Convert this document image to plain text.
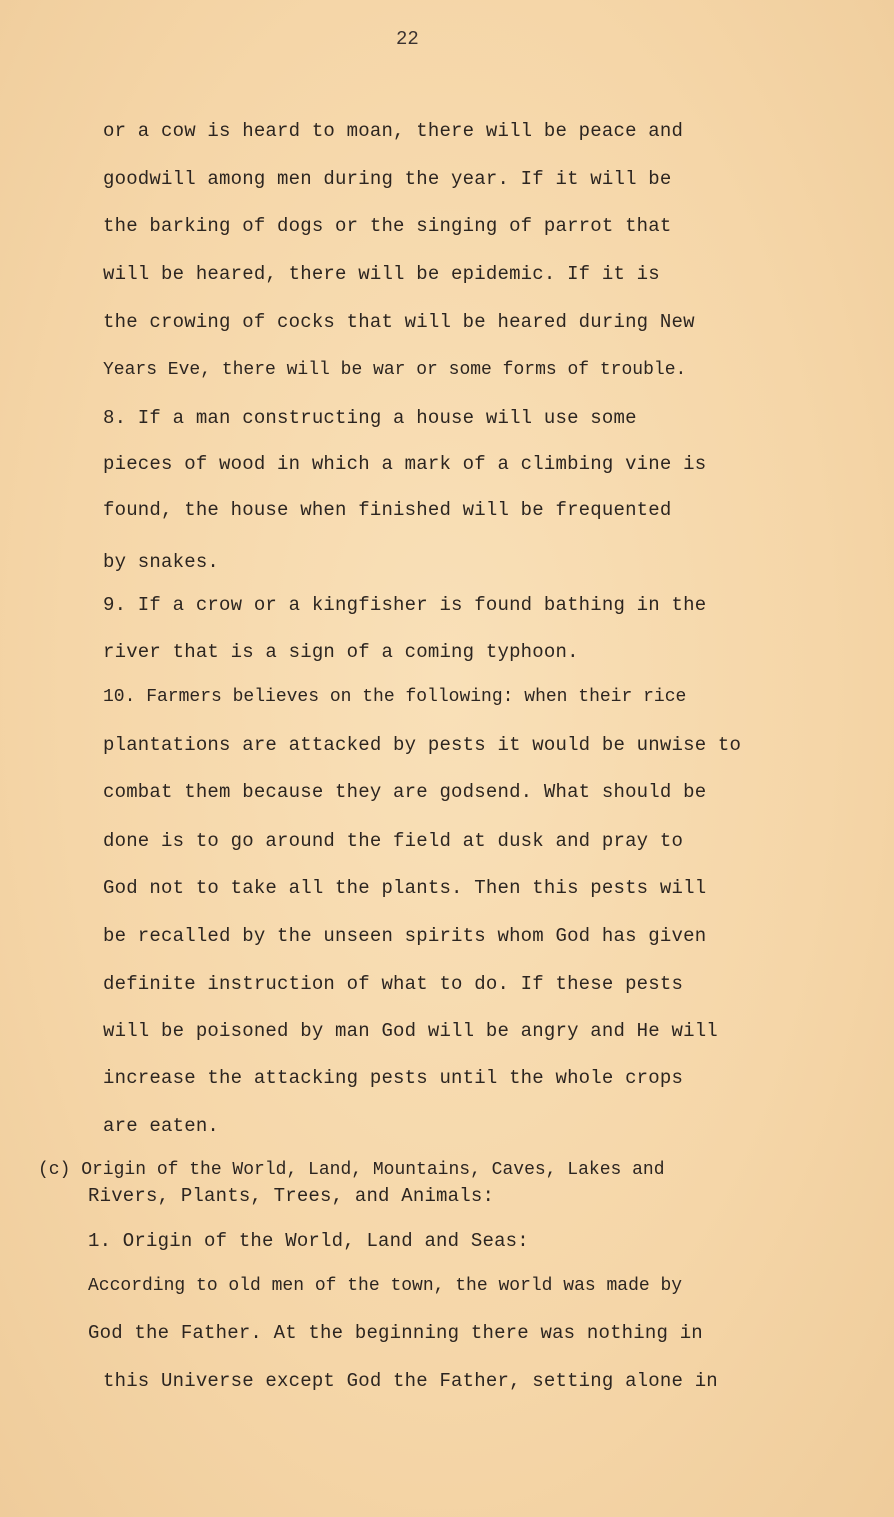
22
or a cow is heard to moan, there will be peace and
goodwill among men during the year. If it will be
the barking of dogs or the singing of parrot that
will be heared, there will be epidemic. If it is
the crowing of cocks that will be heared during New
Years Eve, there will be war or some forms of trouble.
8. If a man constructing a house will use some
pieces of wood in which a mark of a climbing vine is
found, the house when finished will be frequented
by snakes.
9. If a crow or a kingfisher is found bathing in the
river that is a sign of a coming typhoon.
10. Farmers believes on the following: when their rice
plantations are attacked by pests it would be unwise to
combat them because they are godsend. What should be
done is to go around the field at dusk and pray to
God not to take all the plants. Then this pests will
be recalled by the unseen spirits whom God has given
definite instruction of what to do. If these pests
will be poisoned by man God will be angry and He will
increase the attacking pests until the whole crops
are eaten.
(c) Origin of the World, Land, Mountains, Caves, Lakes and
Rivers, Plants, Trees, and Animals:
1. Origin of the World, Land and Seas:
According to old men of the town, the world was made by
God the Father. At the beginning there was nothing in
this Universe except God the Father, setting alone in
